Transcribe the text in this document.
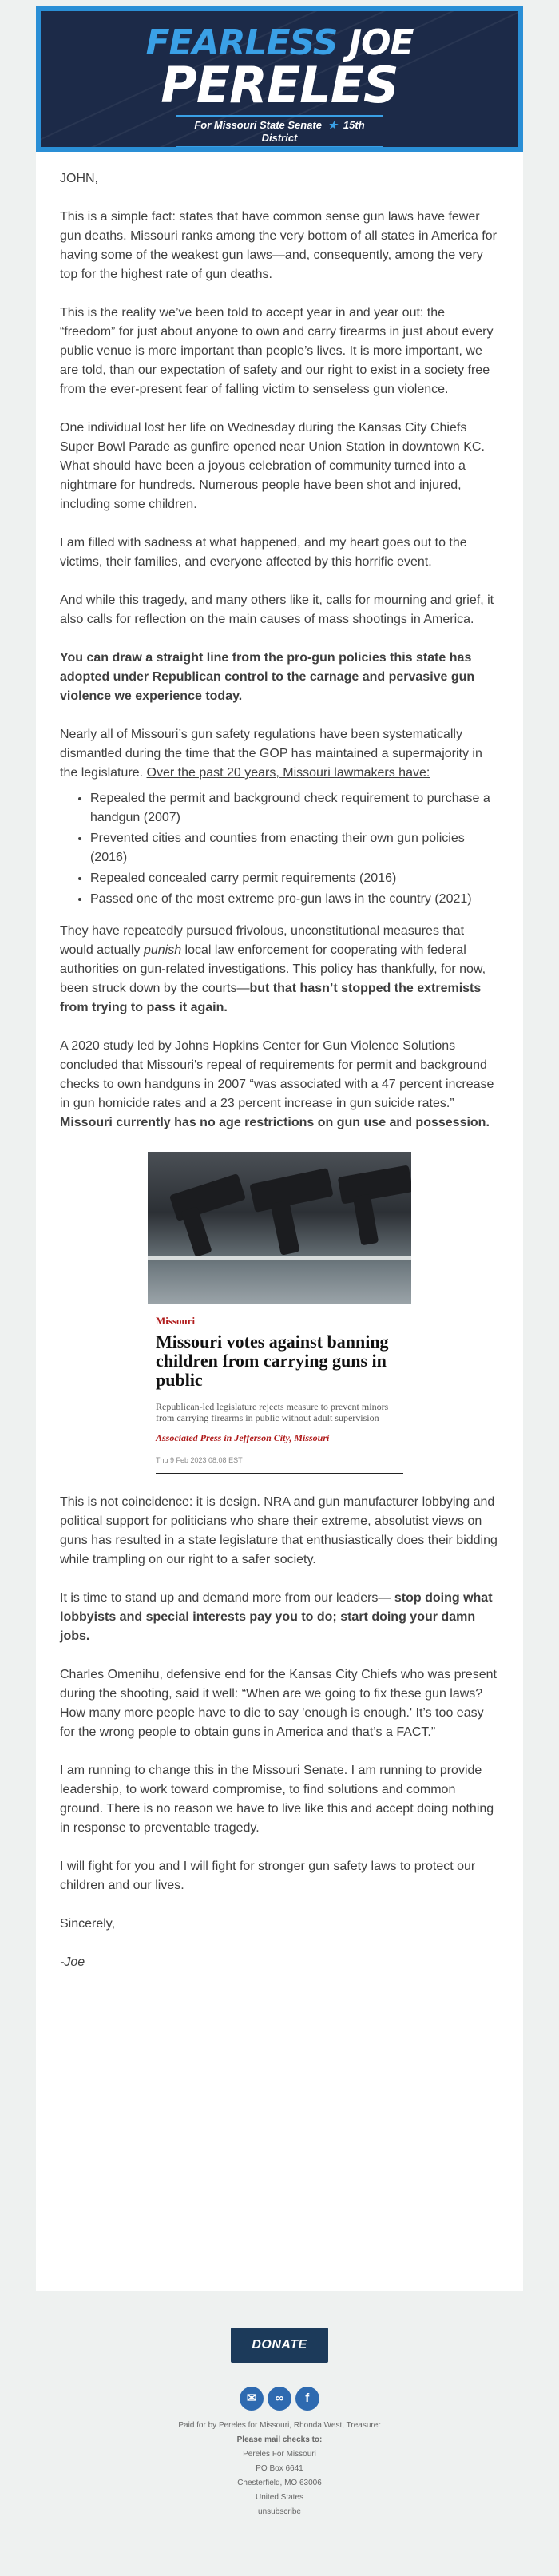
FEARLESS JOE
PERELES
For Missouri State Senate ★ 15th District

JOHN,

This is a simple fact: states that have common sense gun laws have fewer gun deaths. Missouri ranks among the very bottom of all states in America for having some of the weakest gun laws—and, consequently, among the very top for the highest rate of gun deaths.

This is the reality we’ve been told to accept year in and year out: the “freedom” for just about anyone to own and carry firearms in just about every public venue is more important than people’s lives. It is more important, we are told, than our expectation of safety and our right to exist in a society free from the ever-present fear of falling victim to senseless gun violence.

One individual lost her life on Wednesday during the Kansas City Chiefs Super Bowl Parade as gunfire opened near Union Station in downtown KC. What should have been a joyous celebration of community turned into a nightmare for hundreds. Numerous people have been shot and injured, including some children.

I am filled with sadness at what happened, and my heart goes out to the victims, their families, and everyone affected by this horrific event.

And while this tragedy, and many others like it, calls for mourning and grief, it also calls for reflection on the main causes of mass shootings in America.

You can draw a straight line from the pro-gun policies this state has adopted under Republican control to the carnage and pervasive gun violence we experience today.

Nearly all of Missouri’s gun safety regulations have been systematically dismantled during the time that the GOP has maintained a supermajority in the legislature. Over the past 20 years, Missouri lawmakers have:

• Repealed the permit and background check requirement to purchase a handgun (2007)
• Prevented cities and counties from enacting their own gun policies (2016)
• Repealed concealed carry permit requirements (2016)
• Passed one of the most extreme pro-gun laws in the country (2021)

They have repeatedly pursued frivolous, unconstitutional measures that would actually punish local law enforcement for cooperating with federal authorities on gun-related investigations. This policy has thankfully, for now, been struck down by the courts—but that hasn’t stopped the extremists from trying to pass it again.

A 2020 study led by Johns Hopkins Center for Gun Violence Solutions concluded that Missouri's repeal of requirements for permit and background checks to own handguns in 2007 “was associated with a 47 percent increase in gun homicide rates and a 23 percent increase in gun suicide rates.” Missouri currently has no age restrictions on gun use and possession.

Missouri
Missouri votes against banning children from carrying guns in public
Republican-led legislature rejects measure to prevent minors from carrying firearms in public without adult supervision
Associated Press in Jefferson City, Missouri
Thu 9 Feb 2023 08.08 EST

This is not coincidence: it is design. NRA and gun manufacturer lobbying and political support for politicians who share their extreme, absolutist views on guns has resulted in a state legislature that enthusiastically does their bidding while trampling on our right to a safer society.

It is time to stand up and demand more from our leaders— stop doing what lobbyists and special interests pay you to do; start doing your damn jobs.

Charles Omenihu, defensive end for the Kansas City Chiefs who was present during the shooting, said it well: “When are we going to fix these gun laws? How many more people have to die to say 'enough is enough.' It’s too easy for the wrong people to obtain guns in America and that’s a FACT.”

I am running to change this in the Missouri Senate. I am running to provide leadership, to work toward compromise, to find solutions and common ground. There is no reason we have to live like this and accept doing nothing in response to preventable tragedy.

I will fight for you and I will fight for stronger gun safety laws to protect our children and our lives.

Sincerely,

-Joe

DONATE
✉ ∞ f
Paid for by Pereles for Missouri, Rhonda West, Treasurer
Please mail checks to:
Pereles For Missouri
PO Box 6641
Chesterfield, MO 63006
United States
unsubscribe
